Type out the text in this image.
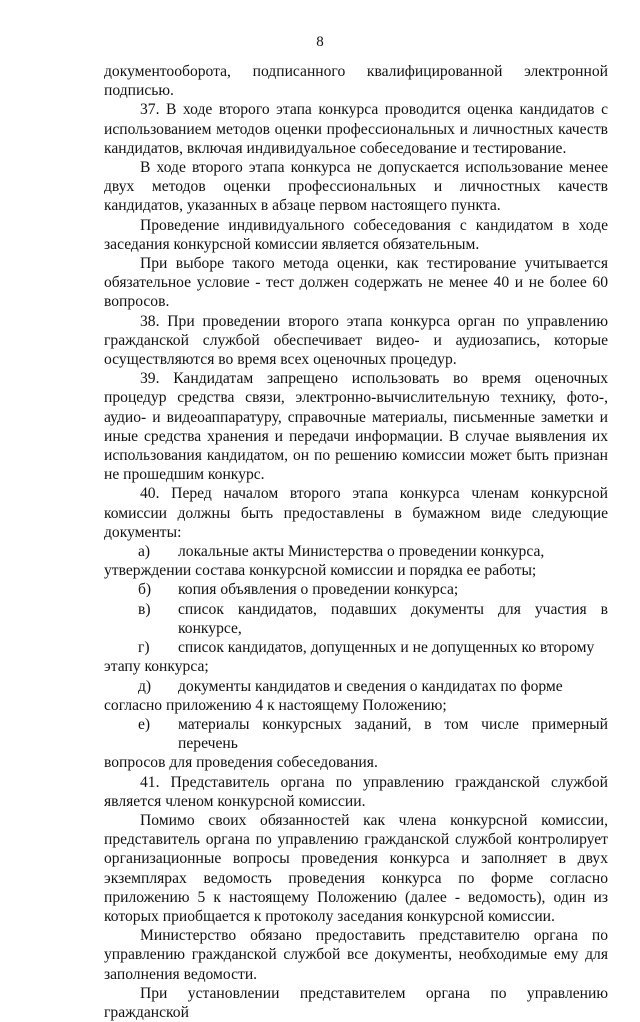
8

документооборота, подписанного квалифицированной электронной подписью.

37. В ходе второго этапа конкурса проводится оценка кандидатов с использованием методов оценки профессиональных и личностных качеств кандидатов, включая индивидуальное собеседование и тестирование.

В ходе второго этапа конкурса не допускается использование менее двух методов оценки профессиональных и личностных качеств кандидатов, указанных в абзаце первом настоящего пункта.

Проведение индивидуального собеседования с кандидатом в ходе заседания конкурсной комиссии является обязательным.

При выборе такого метода оценки, как тестирование учитывается обязательное условие - тест должен содержать не менее 40 и не более 60 вопросов.

38. При проведении второго этапа конкурса орган по управлению гражданской службой обеспечивает видео- и аудиозапись, которые осуществляются во время всех оценочных процедур.

39. Кандидатам запрещено использовать во время оценочных процедур средства связи, электронно-вычислительную технику, фото-, аудио- и видеоаппаратуру, справочные материалы, письменные заметки и иные средства хранения и передачи информации. В случае выявления их использования кандидатом, он по решению комиссии может быть признан не прошедшим конкурс.

40. Перед началом второго этапа конкурса членам конкурсной комиссии должны быть предоставлены в бумажном виде следующие документы:

а)	локальные акты Министерства о проведении конкурса,
утверждении состава конкурсной комиссии и порядка ее работы;
б)	копия объявления о проведении конкурса;
в)	список кандидатов, подавших документы для участия в конкурсе,
г)	список кандидатов, допущенных и не допущенных ко второму
этапу конкурса;
д)	документы кандидатов и сведения о кандидатах по форме
согласно приложению 4 к настоящему Положению;
е)	материалы конкурсных заданий, в том числе примерный перечень
вопросов для проведения собеседования.

41. Представитель органа по управлению гражданской службой является членом конкурсной комиссии.

Помимо своих обязанностей как члена конкурсной комиссии, представитель органа по управлению гражданской службой контролирует организационные вопросы проведения конкурса и заполняет в двух экземплярах ведомость проведения конкурса по форме согласно приложению 5 к настоящему Положению (далее - ведомость), один из которых приобщается к протоколу заседания конкурсной комиссии.

Министерство обязано предоставить представителю органа по управлению гражданской службой все документы, необходимые ему для заполнения ведомости.

При установлении представителем органа по управлению гражданской
